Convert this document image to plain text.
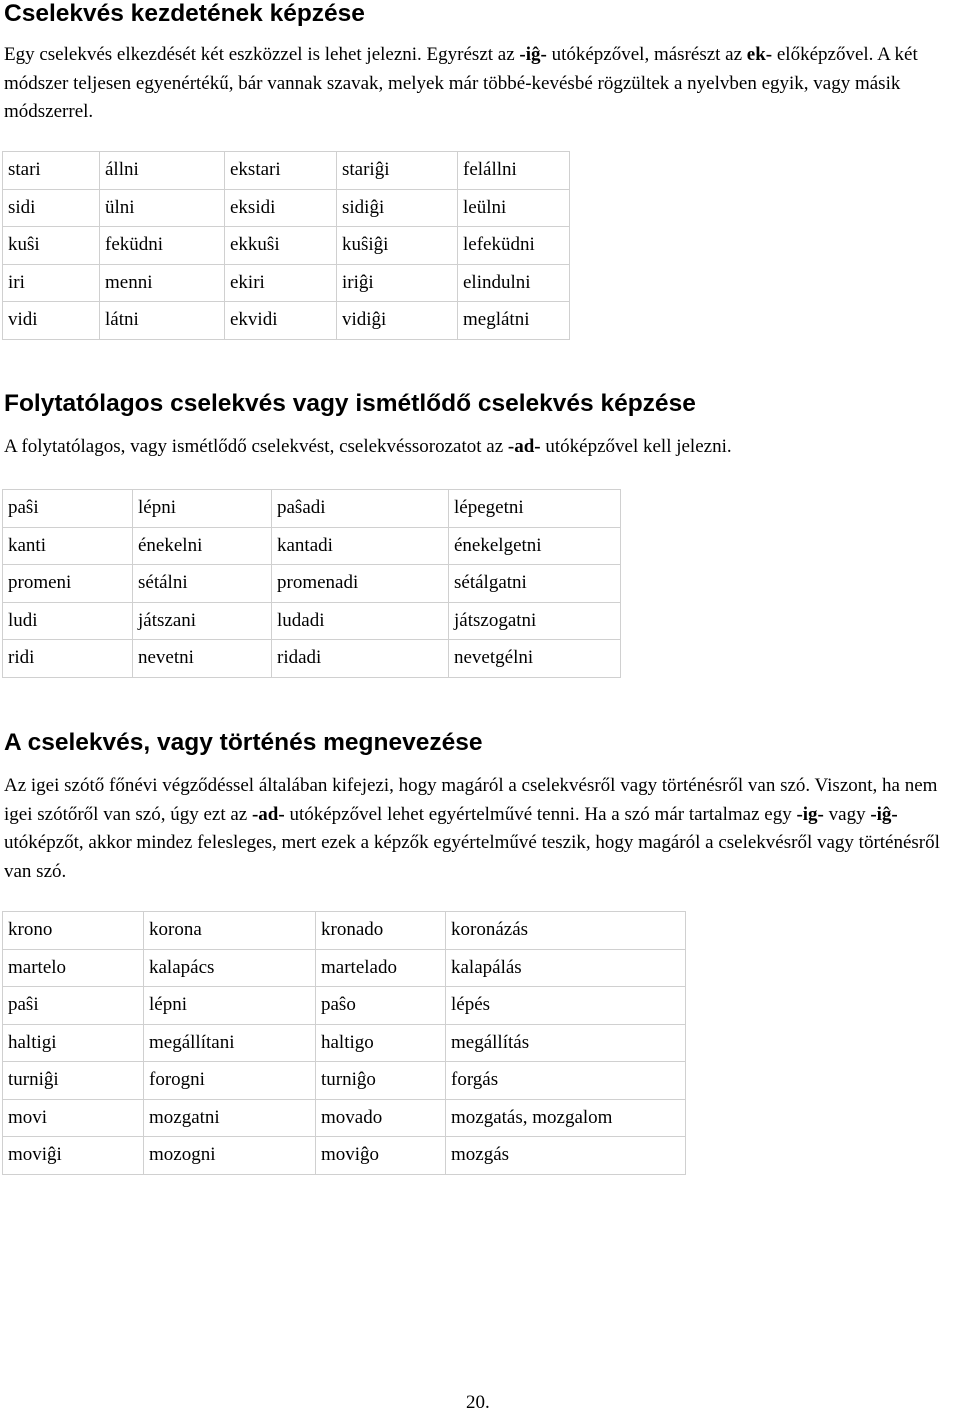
Cselekvés kezdetének képzése

Egy cselekvés elkezdését két eszközzel is lehet jelezni. Egyrészt az -iĝ- utóképzővel, másrészt az ek- előképzővel. A két módszer teljesen egyenértékű, bár vannak szavak, melyek már többé-kevésbé rögzültek a nyelvben egyik, vagy másik módszerrel.

stari	állni	ekstari	stariĝi	felállni
sidi	ülni	eksidi	sidiĝi	leülni
kuŝi	feküdni	ekkuŝi	kuŝiĝi	lefeküdni
iri	menni	ekiri	iriĝi	elindulni
vidi	látni	ekvidi	vidiĝi	meglátni
Folytatólagos cselekvés vagy ismétlődő cselekvés képzése

A folytatólagos, vagy ismétlődő cselekvést, cselekvéssorozatot az -ad- utóképzővel kell jelezni.

paŝi	lépni	paŝadi	lépegetni
kanti	énekelni	kantadi	énekelgetni
promeni	sétálni	promenadi	sétálgatni
ludi	játszani	ludadi	játszogatni
ridi	nevetni	ridadi	nevetgélni
A cselekvés, vagy történés megnevezése

Az igei szótő főnévi végződéssel általában kifejezi, hogy magáról a cselekvésről vagy történésről van szó. Viszont, ha nem igei szótőről van szó, úgy ezt az -ad- utóképzővel lehet egyértelművé tenni. Ha a szó már tartalmaz egy -ig- vagy -iĝ- utóképzőt, akkor mindez felesleges, mert ezek a képzők egyértelművé teszik, hogy magáról a cselekvésről vagy történésről van szó.

krono	korona	kronado	koronázás
martelo	kalapács	martelado	kalapálás
paŝi	lépni	paŝo	lépés
haltigi	megállítani	haltigo	megállítás
turniĝi	forogni	turniĝo	forgás
movi	mozgatni	movado	mozgatás, mozgalom
moviĝi	mozogni	moviĝo	mozgás
20.
